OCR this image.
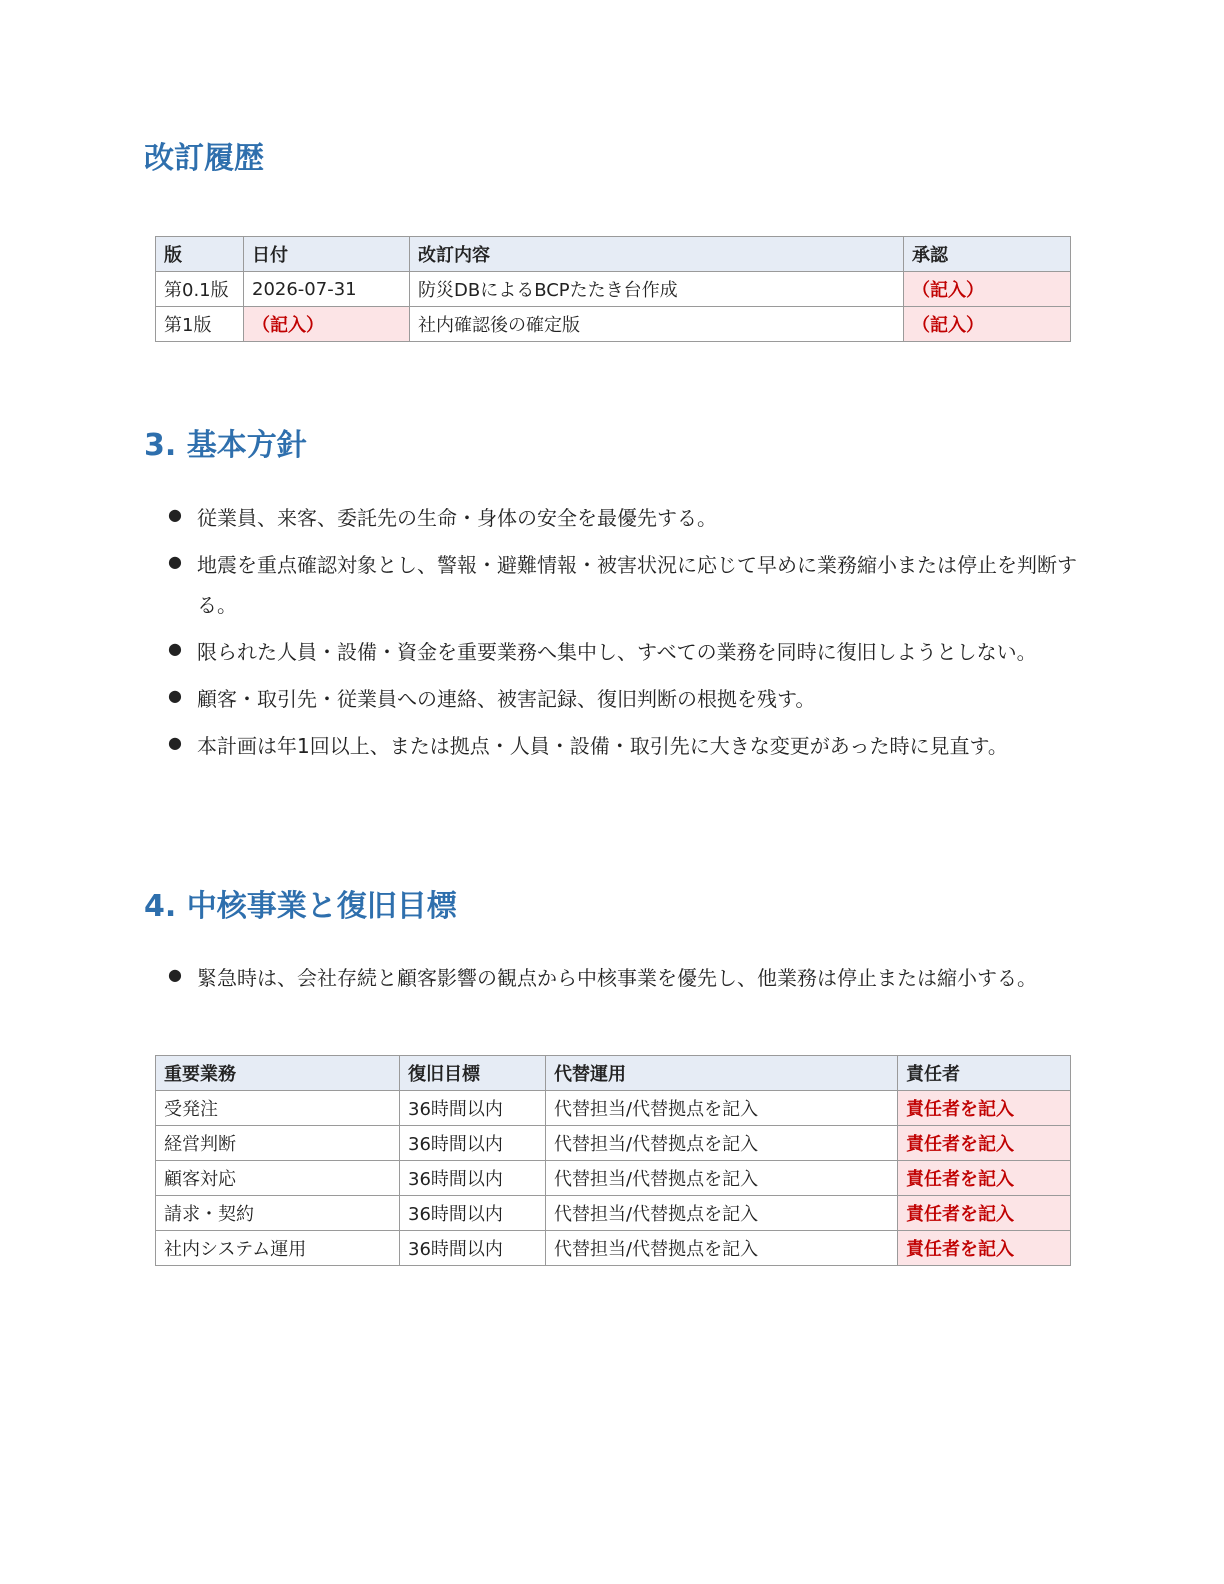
改訂履歴
版	日付	改訂内容	承認
第0.1版	2026-07-31	防災DBによるBCPたたき台作成	（記入）
第1版	（記入）	社内確認後の確定版	（記入）
3. 基本方針
● 従業員、来客、委託先の生命・身体の安全を最優先する。
● 地震を重点確認対象とし、警報・避難情報・被害状況に応じて早めに業務縮小または停止を判断する。
● 限られた人員・設備・資金を重要業務へ集中し、すべての業務を同時に復旧しようとしない。
● 顧客・取引先・従業員への連絡、被害記録、復旧判断の根拠を残す。
● 本計画は年1回以上、または拠点・人員・設備・取引先に大きな変更があった時に見直す。
4. 中核事業と復旧目標
● 緊急時は、会社存続と顧客影響の観点から中核事業を優先し、他業務は停止または縮小する。
重要業務	復旧目標	代替運用	責任者
受発注	36時間以内	代替担当/代替拠点を記入	責任者を記入
経営判断	36時間以内	代替担当/代替拠点を記入	責任者を記入
顧客対応	36時間以内	代替担当/代替拠点を記入	責任者を記入
請求・契約	36時間以内	代替担当/代替拠点を記入	責任者を記入
社内システム運用	36時間以内	代替担当/代替拠点を記入	責任者を記入
